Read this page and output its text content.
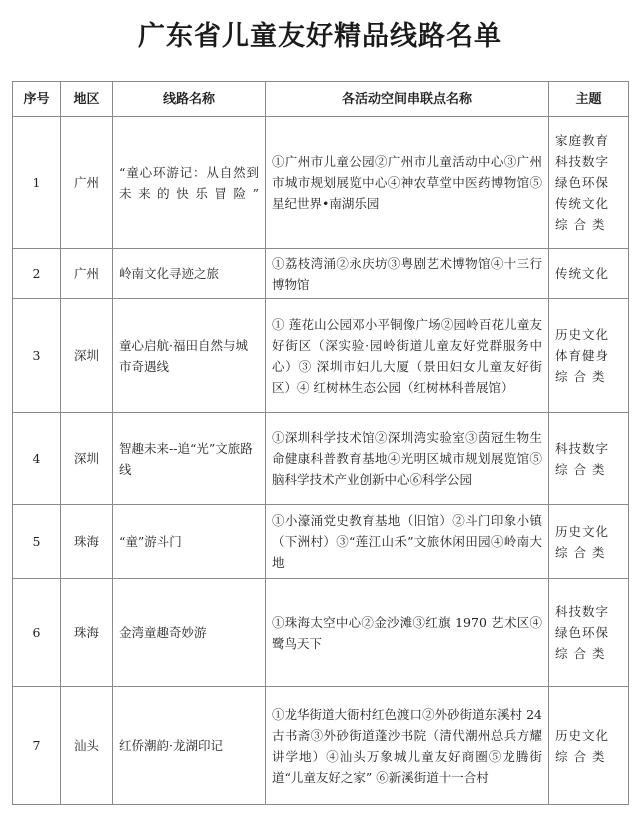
广东省儿童友好精品线路名单
序号	地区	线路名称	各活动空间串联点名称	主题
1	广州	“童心环游记：从自然到未来的快乐冒险”	①广州市儿童公园②广州市儿童活动中心③广州市城市规划展览中心④神农草堂中医药博物馆⑤星纪世界•南湖乐园	家庭教育
科技数字
绿色环保
传统文化
综 合 类

2	广州	岭南文化寻迹之旅	①荔枝湾涌②永庆坊③粤剧艺术博物馆④十三行博物馆	传统文化

3	深圳	童心启航·福田自然与城市奇遇线	① 莲花山公园邓小平铜像广场②园岭百花儿童友好街区（深实验·园岭街道儿童友好党群服务中心）③ 深圳市妇儿大厦（景田妇女儿童友好街区）④ 红树林生态公园（红树林科普展馆）	历史文化
体育健身
综 合 类

4	深圳	智趣未来--追“光”文旅路线	①深圳科学技术馆②深圳湾实验室③茵冠生物生命健康科普教育基地④光明区城市规划展览馆⑤脑科学技术产业创新中心⑥科学公园	科技数字
综 合 类

5	珠海	“童”游斗门	①小濠涌党史教育基地（旧馆）②斗门印象小镇（下洲村）③“莲江山禾”文旅休闲田园④岭南大地	历史文化
综 合 类

6	珠海	金湾童趣奇妙游	①珠海太空中心②金沙滩③红旗 1970 艺术区④鹭鸟天下	科技数字
绿色环保
综 合 类

7	汕头	红侨潮韵·龙湖印记	①龙华街道大衙村红色渡口②外砂街道东溪村 24 古书斋③外砂街道蓬沙书院（清代潮州总兵方耀讲学地）④汕头万象城儿童友好商圈⑤龙腾街道“儿童友好之家” ⑥新溪街道十一合村	历史文化
综 合 类
